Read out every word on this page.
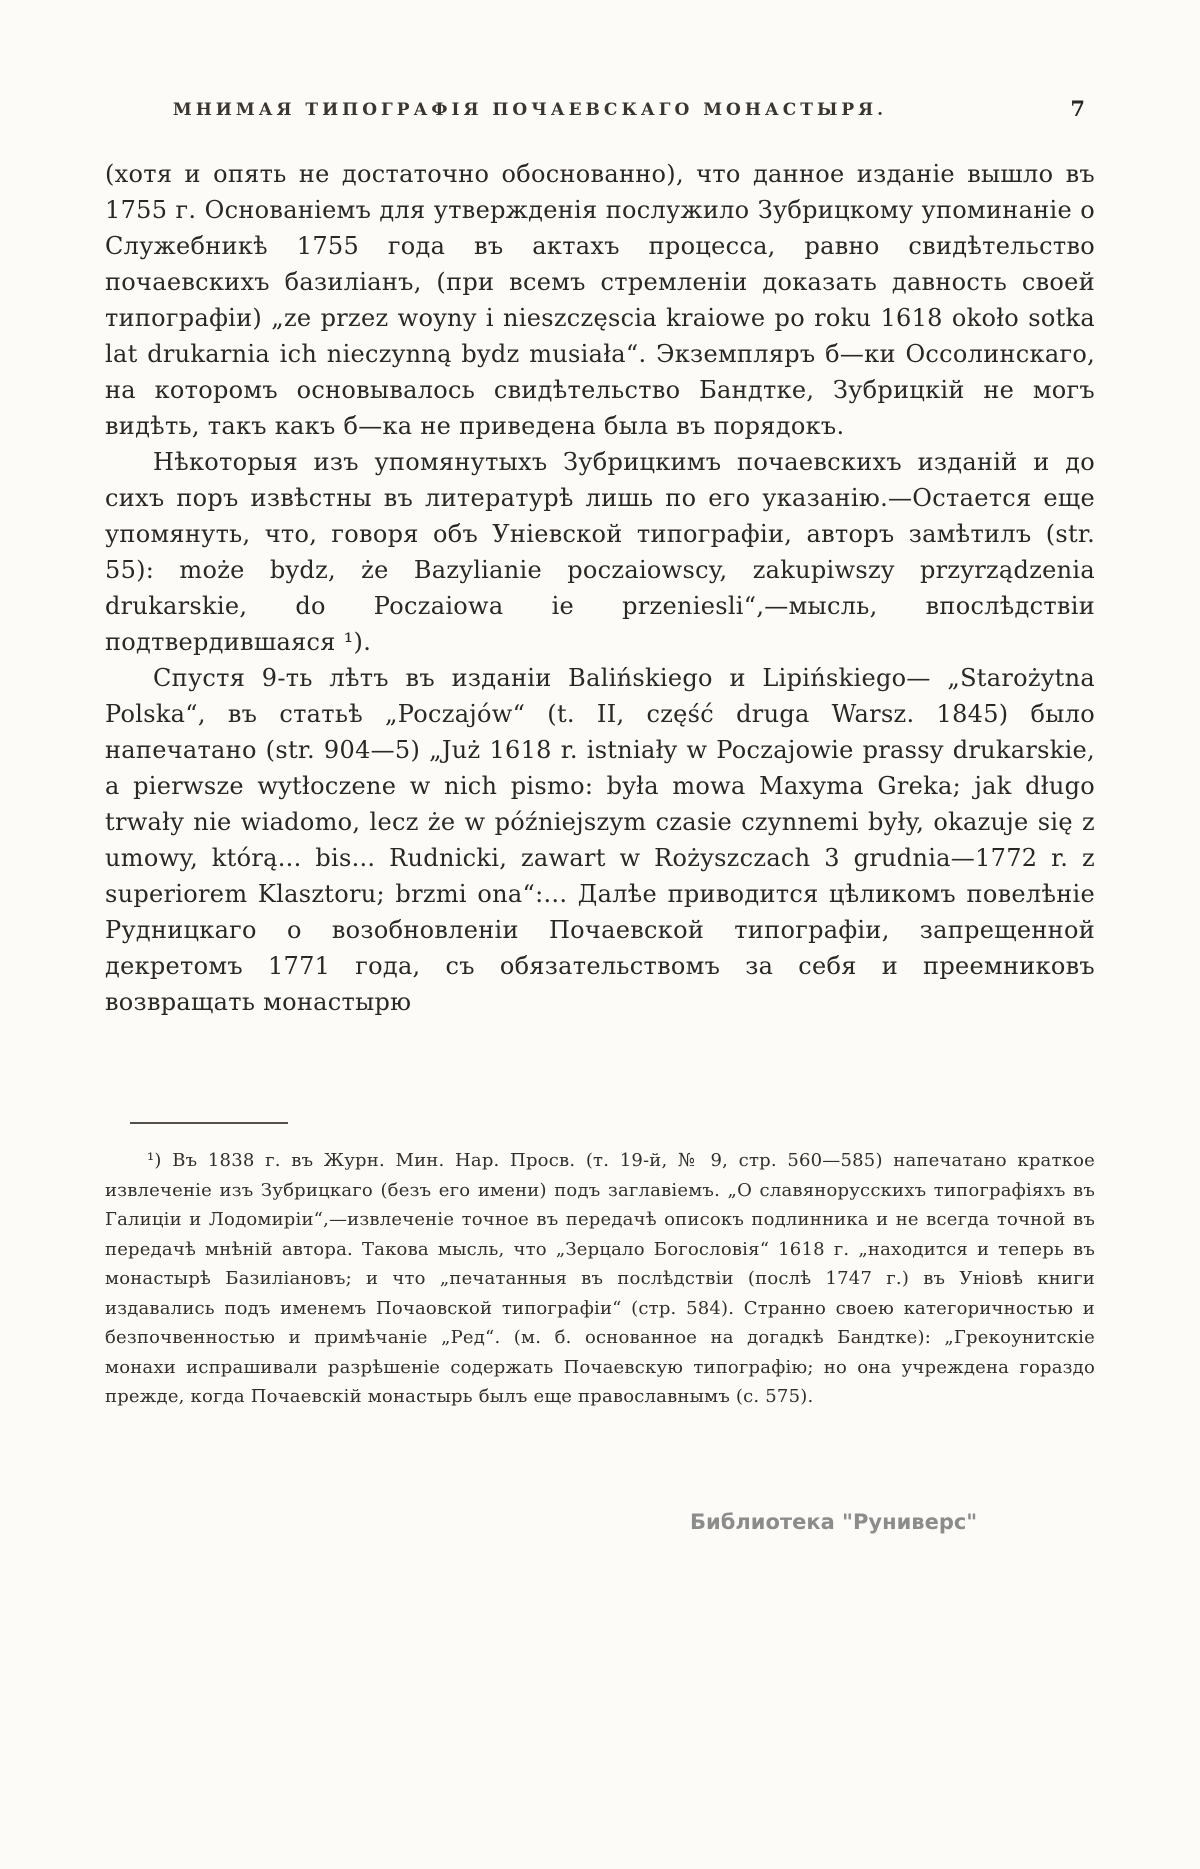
МНИМАЯ ТИПОГРАФІЯ ПОЧАЕВСКАГО МОНАСТЫРЯ.	7

(хотя и опять не достаточно обоснованно), что данное изданіе вышло въ 1755 г. Основаніемъ для утвержденія послужило Зубрицкому упоминаніе о Служебникѣ 1755 года въ актахъ процесса, равно свидѣтельство почаевскихъ базиліанъ, (при всемъ стремленіи доказать давность своей типографіи) „ze przez woyny i nieszczęscia kraiowe po roku 1618 około sotka lat drukarnia ich nieczynną bydz musiała“. Экземпляръ б—ки Оссолинскаго, на которомъ основывалось свидѣтельство Бандтке, Зубрицкій не могъ видѣть, такъ какъ б—ка не приведена была въ порядокъ.

Нѣкоторыя изъ упомянутыхъ Зубрицкимъ почаевскихъ изданій и до сихъ поръ извѣстны въ литературѣ лишь по его указанію.—Остается еще упомянуть, что, говоря объ Уніевской типографіи, авторъ замѣтилъ (str. 55): może bydz, że Bazylianie poczaiowscy, zakupiwszy przyrządzenia drukarskie, do Poczaiowa ie przeniesli“,—мысль, впослѣдствіи подтвердившаяся ¹).

Спустя 9-ть лѣтъ въ изданіи Balińskiego и Lipińskiego— „Starożytna Polska“, въ статьѣ „Poczajów“ (t. II, część druga Warsz. 1845) было напечатано (str. 904—5) „Już 1618 r. istniały w Poczajowie prassy drukarskie, a pierwsze wytłoczene w nich pismo: była mowa Maxyma Greka; jak długo trwały nie wiadomo, lecz że w późniejszym czasie czynnemi były, okazuje się z umowy, którą... bis... Rudnicki, zawart w Rożyszczach 3 grudnia—1772 r. z superiorem Klasztoru; brzmi ona“:... Далѣе приводится цѣликомъ повелѣніе Рудницкаго о возобновленіи Почаевской типографіи, запрещенной декретомъ 1771 года, съ обязательствомъ за себя и преемниковъ возвращать монастырю

¹) Въ 1838 г. въ Журн. Мин. Нар. Просв. (т. 19-й, № 9, стр. 560—585) напечатано краткое извлеченіе изъ Зубрицкаго (безъ его имени) подъ заглавіемъ. „О славянорусскихъ типографіяхъ въ Галиціи и Лодомиріи“,—извлеченіе точное въ передачѣ описокъ подлинника и не всегда точной въ передачѣ мнѣній автора. Такова мысль, что „Зерцало Богословія“ 1618 г. „находится и теперь въ монастырѣ Базиліановъ; и что „печатанныя въ послѣдствіи (послѣ 1747 г.) въ Уніовѣ книги издавались подъ именемъ Почаовской типографіи“ (стр. 584). Странно своею категоричностью и безпочвенностью и примѣчаніе „Ред“. (м. б. основанное на догадкѣ Бандтке): „Грекоунитскіе монахи испрашивали разрѣшеніе содержать Почаевскую типографію; но она учреждена гораздо прежде, когда Почаевскій монастырь былъ еще православнымъ (с. 575).

Библиотека "Руниверс"
